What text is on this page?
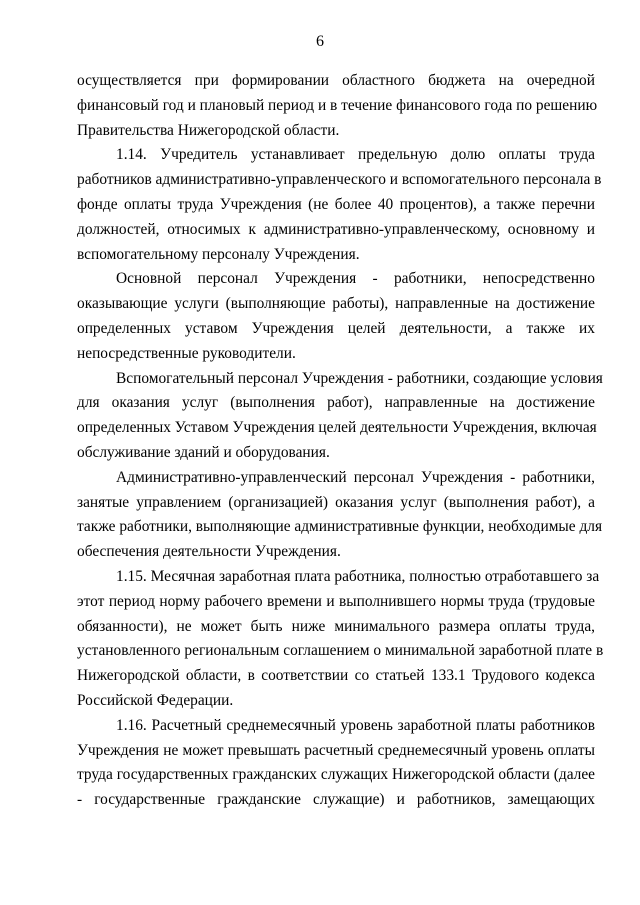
6
осуществляется при формировании областного бюджета на очередной
финансовый год и плановый период и в течение финансового года по решению
Правительства Нижегородской области.
1.14. Учредитель устанавливает предельную долю оплаты труда
работников административно-управленческого и вспомогательного персонала в
фонде оплаты труда Учреждения (не более 40 процентов), а также перечни
должностей, относимых к административно-управленческому, основному и
вспомогательному персоналу Учреждения.
Основной персонал Учреждения - работники, непосредственно
оказывающие услуги (выполняющие работы), направленные на достижение
определенных уставом Учреждения целей деятельности, а также их
непосредственные руководители.
Вспомогательный персонал Учреждения - работники, создающие условия
для оказания услуг (выполнения работ), направленные на достижение
определенных Уставом Учреждения целей деятельности Учреждения, включая
обслуживание зданий и оборудования.
Административно-управленческий персонал Учреждения - работники,
занятые управлением (организацией) оказания услуг (выполнения работ), а
также работники, выполняющие административные функции, необходимые для
обеспечения деятельности Учреждения.
1.15. Месячная заработная плата работника, полностью отработавшего за
этот период норму рабочего времени и выполнившего нормы труда (трудовые
обязанности), не может быть ниже минимального размера оплаты труда,
установленного региональным соглашением о минимальной заработной плате в
Нижегородской области, в соответствии со статьей 133.1 Трудового кодекса
Российской Федерации.
1.16. Расчетный среднемесячный уровень заработной платы работников
Учреждения не может превышать расчетный среднемесячный уровень оплаты
труда государственных гражданских служащих Нижегородской области (далее
- государственные гражданские служащие) и работников, замещающих
